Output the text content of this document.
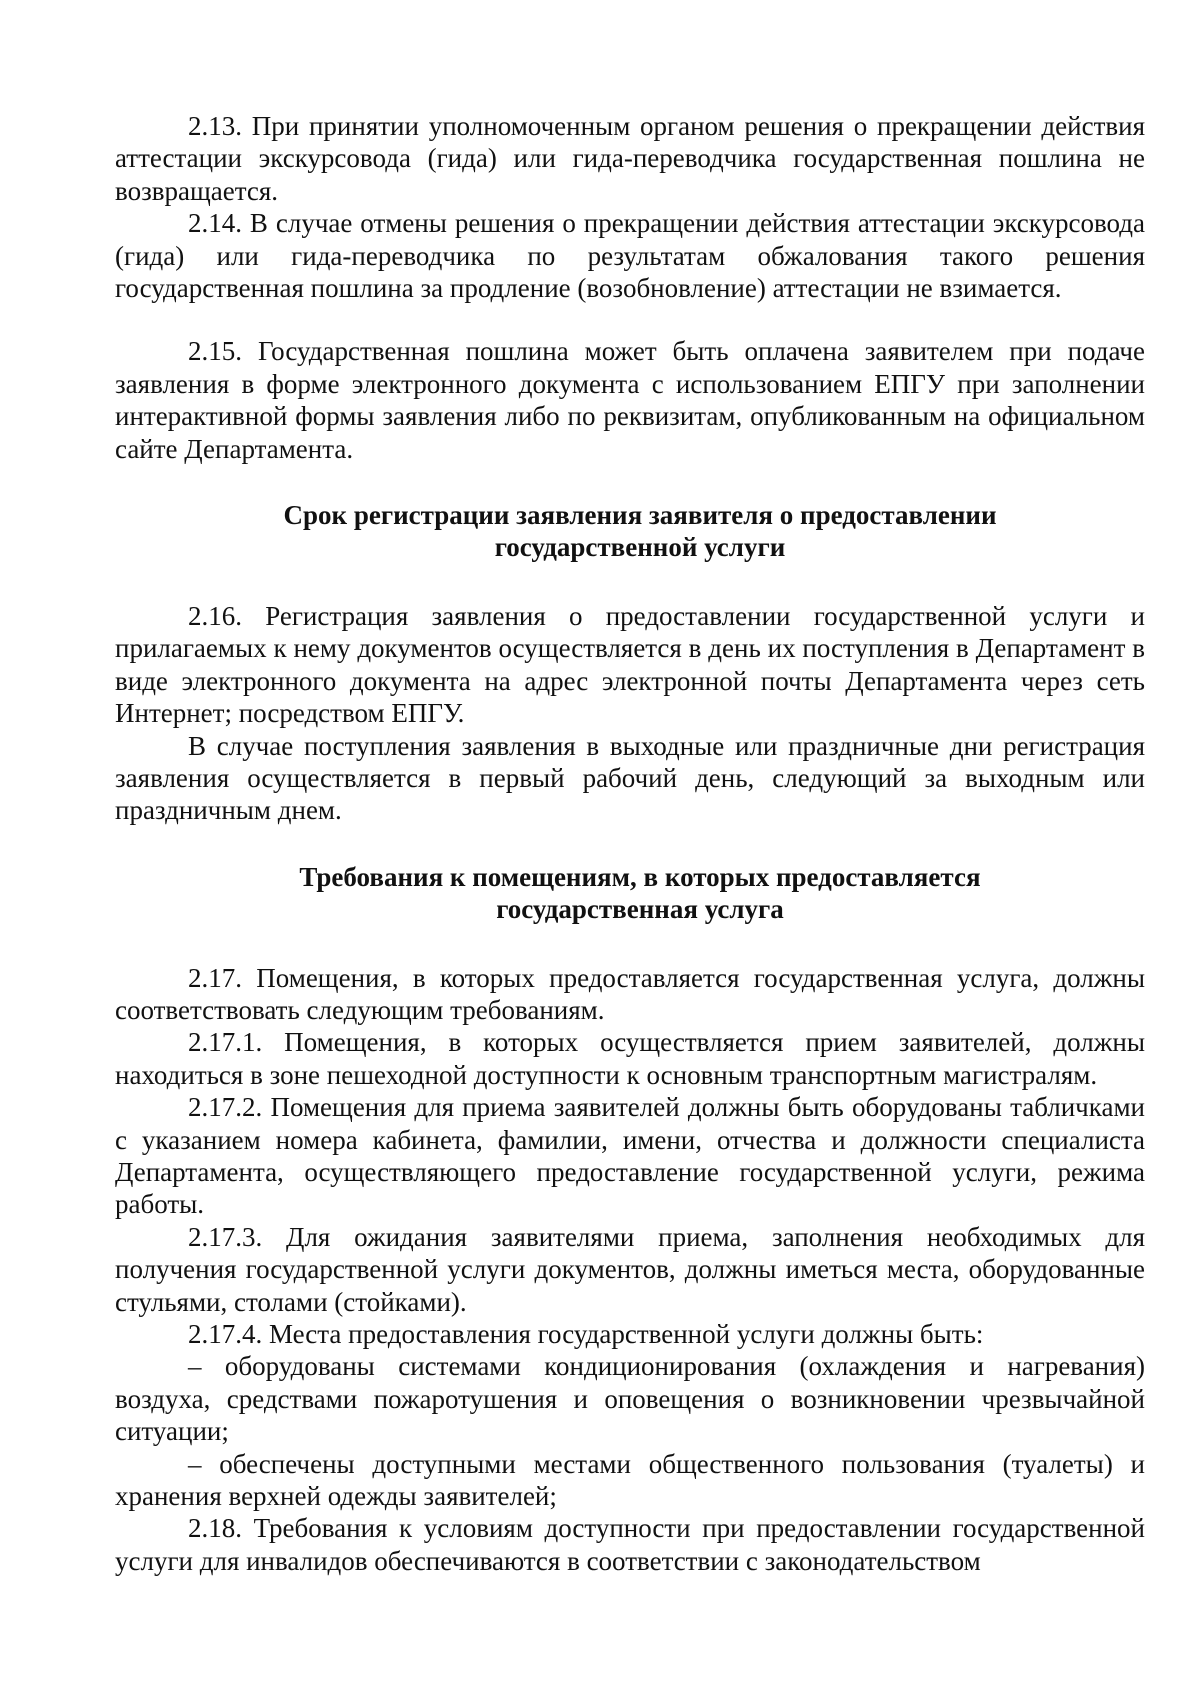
2.13. При принятии уполномоченным органом решения о прекращении действия аттестации экскурсовода (гида) или гида-переводчика государственная пошлина не возвращается.

2.14. В случае отмены решения о прекращении действия аттестации экскурсовода (гида) или гида-переводчика по результатам обжалования такого решения государственная пошлина за продление (возобновление) аттестации не взимается.

2.15. Государственная пошлина может быть оплачена заявителем при подаче заявления в форме электронного документа с использованием ЕПГУ при заполнении интерактивной формы заявления либо по реквизитам, опубликованным на официальном сайте Департамента.

Срок регистрации заявления заявителя о предоставлении
государственной услуги

2.16. Регистрация заявления о предоставлении государственной услуги и прилагаемых к нему документов осуществляется в день их поступления в Департамент в виде электронного документа на адрес электронной почты Департамента через сеть Интернет; посредством ЕПГУ.

В случае поступления заявления в выходные или праздничные дни регистрация заявления осуществляется в первый рабочий день, следующий за выходным или праздничным днем.

Требования к помещениям, в которых предоставляется
государственная услуга

2.17. Помещения, в которых предоставляется государственная услуга, должны соответствовать следующим требованиям.

2.17.1. Помещения, в которых осуществляется прием заявителей, должны находиться в зоне пешеходной доступности к основным транспортным магистралям.

2.17.2. Помещения для приема заявителей должны быть оборудованы табличками с указанием номера кабинета, фамилии, имени, отчества и должности специалиста Департамента, осуществляющего предоставление государственной услуги, режима работы.

2.17.3. Для ожидания заявителями приема, заполнения необходимых для получения государственной услуги документов, должны иметься места, оборудованные стульями, столами (стойками).

2.17.4. Места предоставления государственной услуги должны быть:

– оборудованы системами кондиционирования (охлаждения и нагревания) воздуха, средствами пожаротушения и оповещения о возникновении чрезвычайной ситуации;

– обеспечены доступными местами общественного пользования (туалеты) и хранения верхней одежды заявителей;

2.18. Требования к условиям доступности при предоставлении государственной услуги для инвалидов обеспечиваются в соответствии с законодательством
